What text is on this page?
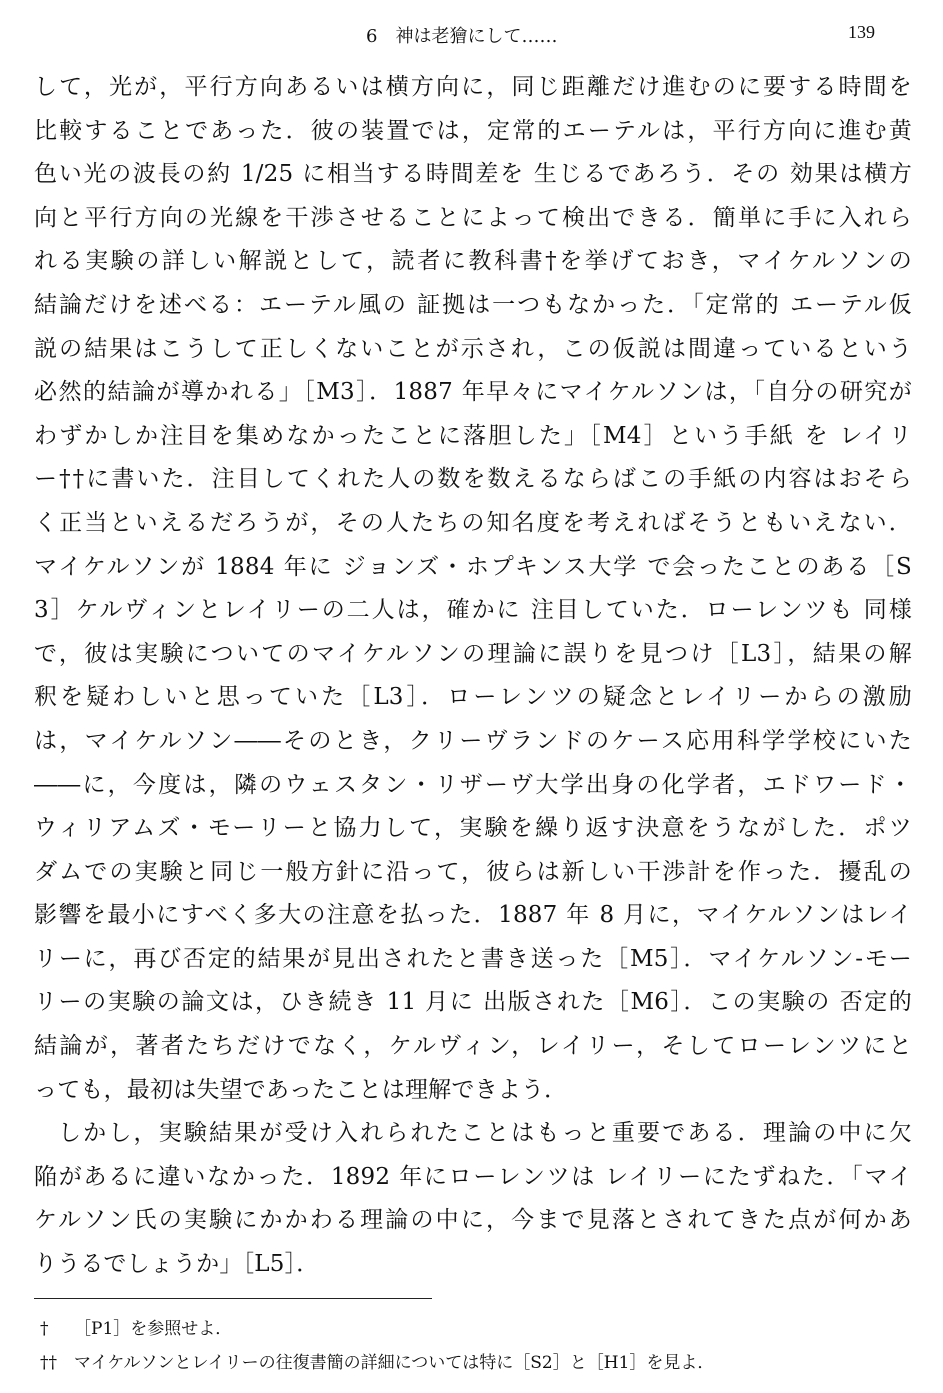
6 神は老獪にして……	139
して，光が，平行方向あるいは横方向に，同じ距離だけ進むのに要する時間を
比較することであった．彼の装置では，定常的エーテルは，平行方向に進む黄
色い光の波長の約 1/25 に相当する時間差を 生じるであろう．その 効果は横方
向と平行方向の光線を干渉させることによって検出できる．簡単に手に入れら
れる実験の詳しい解説として，読者に教科書†を挙げておき，マイケルソンの
結論だけを述べる：エーテル風の 証拠は一つもなかった．「定常的 エーテル仮
説の結果はこうして正しくないことが示され，この仮説は間違っているという
必然的結論が導かれる」［M3］．1887 年早々にマイケルソンは，「自分の研究が
わずかしか注目を集めなかったことに落胆した」［M4］という手紙 を レイリ
ー††に書いた．注目してくれた人の数を数えるならばこの手紙の内容はおそら
く正当といえるだろうが，その人たちの知名度を考えればそうともいえない．
マイケルソンが 1884 年に ジョンズ・ホプキンス大学 で会ったことのある［S
3］ケルヴィンとレイリーの二人は，確かに 注目していた．ローレンツも 同様
で，彼は実験についてのマイケルソンの理論に誤りを見つけ［L3］，結果の解
釈を疑わしいと思っていた［L3］．ローレンツの疑念とレイリーからの激励
は，マイケルソン――そのとき，クリーヴランドのケース応用科学学校にいた
――に，今度は，隣のウェスタン・リザーヴ大学出身の化学者，エドワード・
ウィリアムズ・モーリーと協力して，実験を繰り返す決意をうながした．ポツ
ダムでの実験と同じ一般方針に沿って，彼らは新しい干渉計を作った．擾乱の
影響を最小にすべく多大の注意を払った．1887 年 8 月に，マイケルソンはレイ
リーに，再び否定的結果が見出されたと書き送った［M5］．マイケルソン-モー
リーの実験の論文は，ひき続き 11 月に 出版された［M6］．この実験の 否定的
結論が，著者たちだけでなく，ケルヴィン，レイリー，そしてローレンツにと
っても，最初は失望であったことは理解できよう．
しかし，実験結果が受け入れられたことはもっと重要である．理論の中に欠
陥があるに違いなかった．1892 年にローレンツは レイリーにたずねた．「マイ
ケルソン氏の実験にかかわる理論の中に，今まで見落とされてきた点が何かあ
りうるでしょうか」［L5］．
† ［P1］を参照せよ．
†† マイケルソンとレイリーの往復書簡の詳細については特に［S2］と［H1］を見よ．
